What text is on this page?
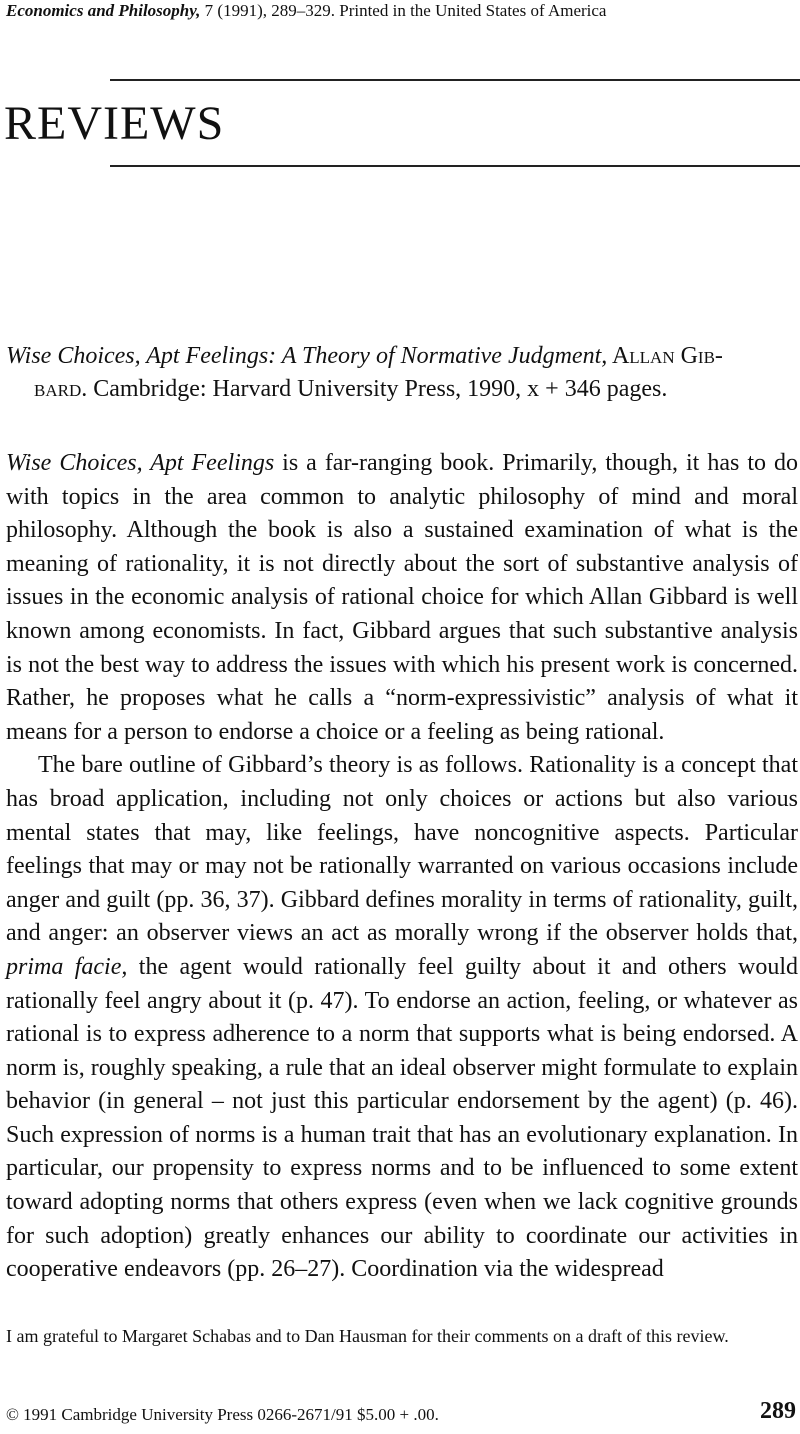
Economics and Philosophy, 7 (1991), 289–329. Printed in the United States of America
REVIEWS
Wise Choices, Apt Feelings: A Theory of Normative Judgment, Allan Gib-
bard. Cambridge: Harvard University Press, 1990, x + 346 pages.

Wise Choices, Apt Feelings is a far-ranging book. Primarily, though, it has to do with topics in the area common to analytic philosophy of mind and moral philosophy. Although the book is also a sustained examination of what is the meaning of rationality, it is not directly about the sort of substantive analysis of issues in the economic analysis of rational choice for which Allan Gibbard is well known among economists. In fact, Gibbard argues that such substantive analysis is not the best way to address the issues with which his present work is concerned. Rather, he proposes what he calls a “norm-expressivistic” analysis of what it means for a person to endorse a choice or a feeling as being rational.

The bare outline of Gibbard’s theory is as follows. Rationality is a concept that has broad application, including not only choices or actions but also various mental states that may, like feelings, have noncognitive aspects. Particular feelings that may or may not be rationally warranted on various occasions include anger and guilt (pp. 36, 37). Gibbard defines morality in terms of rationality, guilt, and anger: an observer views an act as morally wrong if the observer holds that, prima facie, the agent would rationally feel guilty about it and others would rationally feel angry about it (p. 47). To endorse an action, feeling, or whatever as rational is to express adherence to a norm that supports what is being endorsed. A norm is, roughly speaking, a rule that an ideal observer might formulate to explain behavior (in general – not just this particular endorsement by the agent) (p. 46). Such expression of norms is a human trait that has an evolutionary explanation. In particular, our propensity to express norms and to be influenced to some extent toward adopting norms that others express (even when we lack cognitive grounds for such adoption) greatly enhances our ability to coordinate our activities in cooperative endeavors (pp. 26–27). Coordination via the widespread

I am grateful to Margaret Schabas and to Dan Hausman for their comments on a draft of this review.
© 1991 Cambridge University Press 0266-2671/91 $5.00 + .00.	289
